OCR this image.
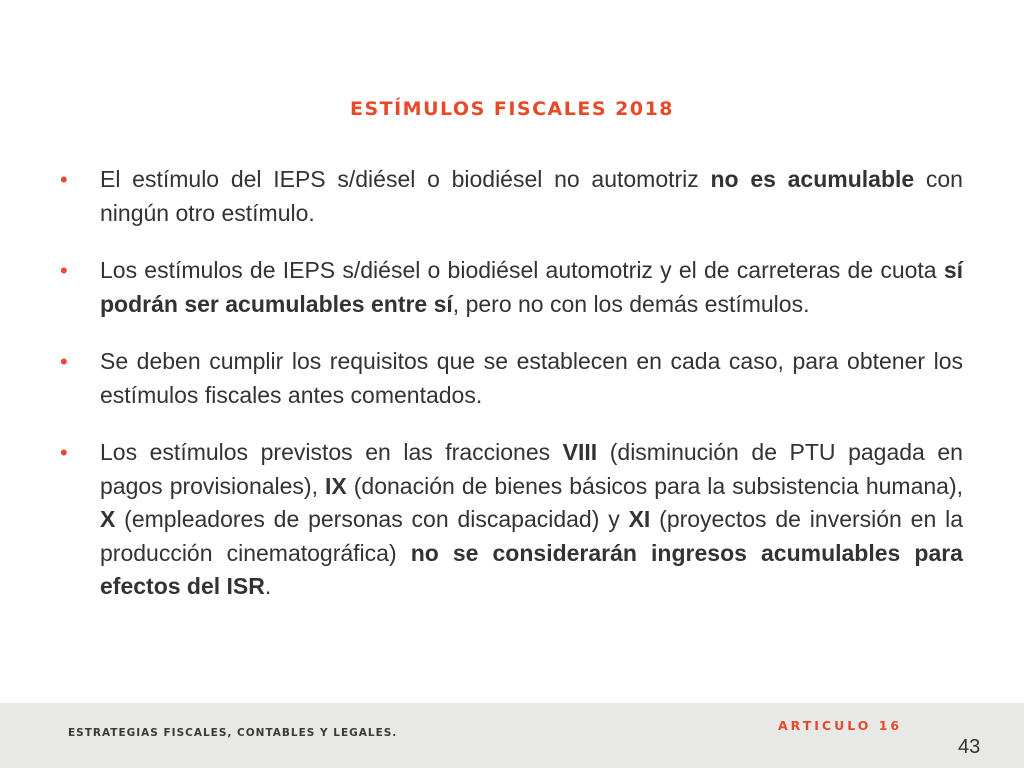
ESTÍMULOS FISCALES 2018
• El estímulo del IEPS s/diésel o biodiésel no automotriz no es acumulable con ningún otro estímulo.
• Los estímulos de IEPS s/diésel o biodiésel automotriz y el de carreteras de cuota sí podrán ser acumulables entre sí, pero no con los demás estímulos.
• Se deben cumplir los requisitos que se establecen en cada caso, para obtener los estímulos fiscales antes comentados.
• Los estímulos previstos en las fracciones VIII (disminución de PTU pagada en pagos provisionales), IX (donación de bienes básicos para la subsistencia humana), X (empleadores de personas con discapacidad) y XI (proyectos de inversión en la producción cinematográfica) no se considerarán ingresos acumulables para efectos del ISR.
ESTRATEGIAS FISCALES, CONTABLES Y LEGALES.	ARTICULO 16
43
